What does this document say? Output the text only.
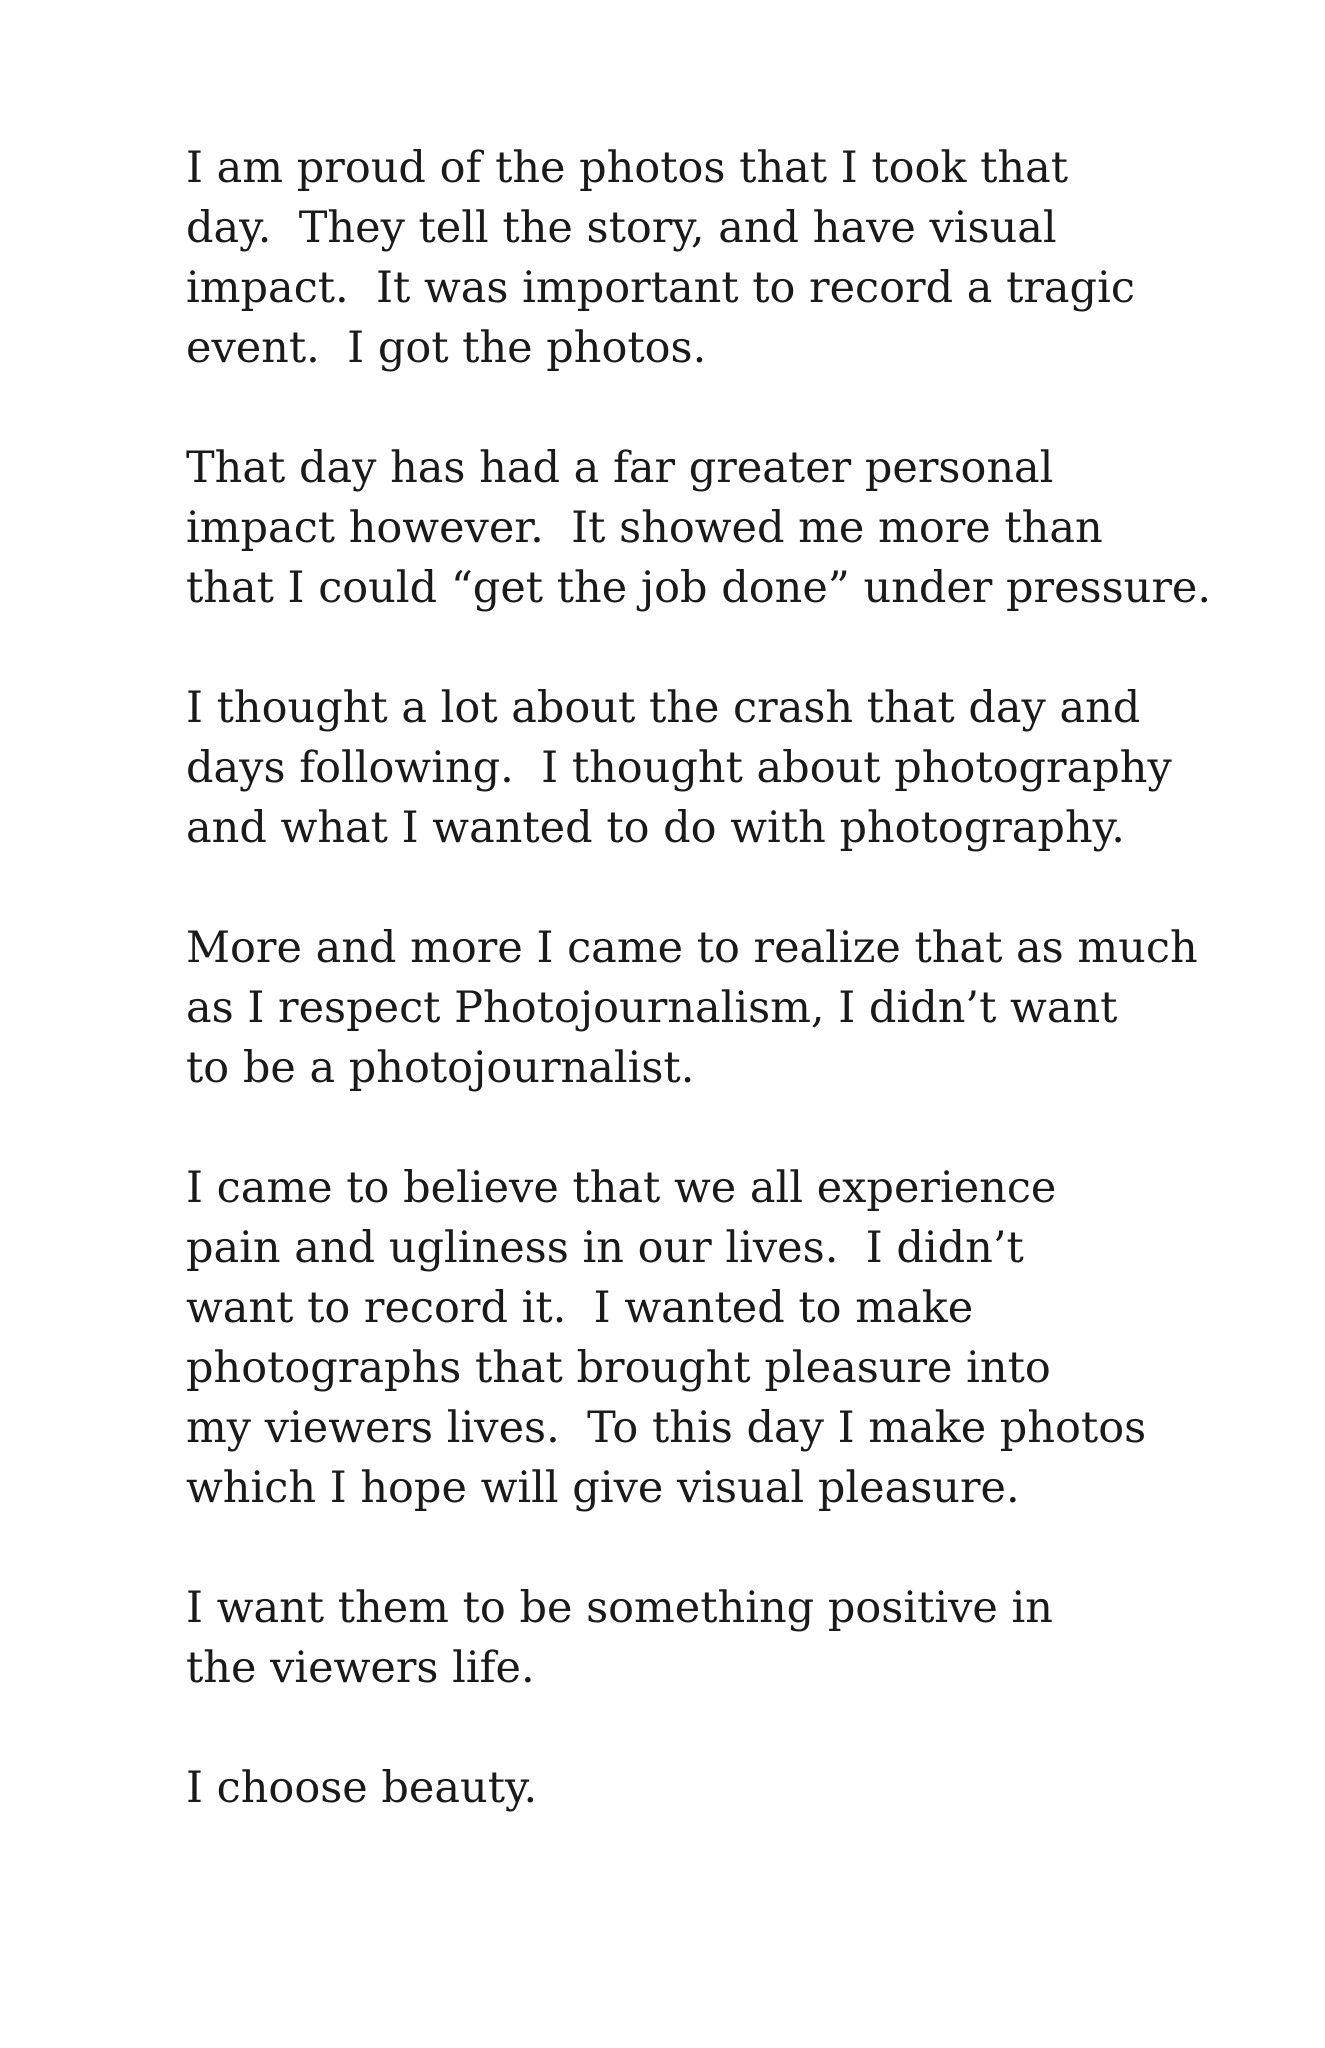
I am proud of the photos that I took that
day.  They tell the story, and have visual
impact.  It was important to record a tragic
event.  I got the photos.

That day has had a far greater personal
impact however.  It showed me more than
that I could “get the job done” under pressure.

I thought a lot about the crash that day and
days following.  I thought about photography
and what I wanted to do with photography.

More and more I came to realize that as much
as I respect Photojournalism, I didn’t want
to be a photojournalist.

I came to believe that we all experience
pain and ugliness in our lives.  I didn’t
want to record it.  I wanted to make
photographs that brought pleasure into
my viewers lives.  To this day I make photos
which I hope will give visual pleasure.

I want them to be something positive in
the viewers life.

I choose beauty.
